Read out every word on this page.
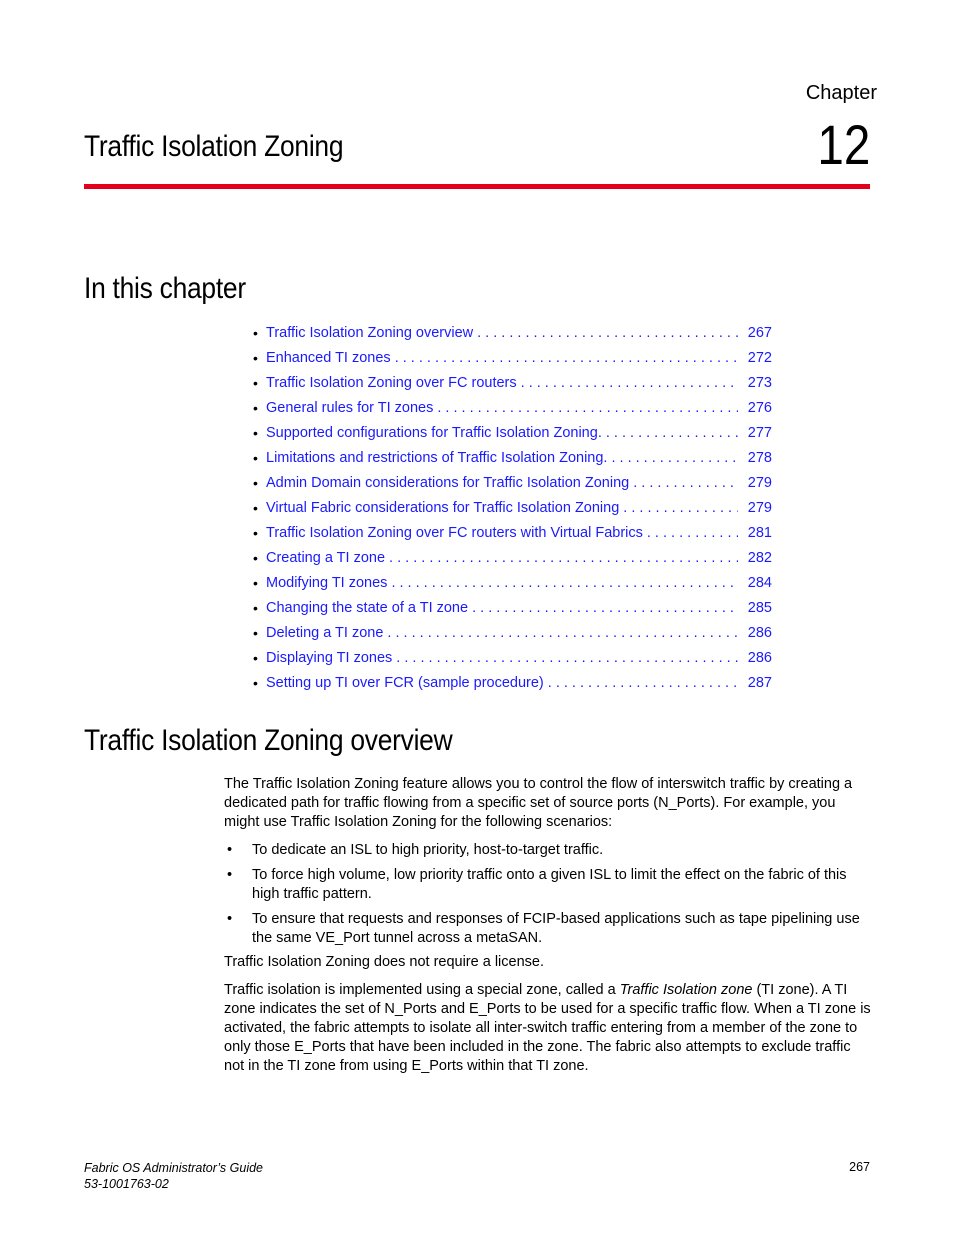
Chapter
Traffic Isolation Zoning	12
In this chapter
• Traffic Isolation Zoning overview . . .	267
• Enhanced TI zones . . .	272
• Traffic Isolation Zoning over FC routers . . .	273
• General rules for TI zones . . .	276
• Supported configurations for Traffic Isolation Zoning. . . .	277
• Limitations and restrictions of Traffic Isolation Zoning. . . .	278
• Admin Domain considerations for Traffic Isolation Zoning . . .	279
• Virtual Fabric considerations for Traffic Isolation Zoning . . .	279
• Traffic Isolation Zoning over FC routers with Virtual Fabrics . . .	281
• Creating a TI zone . . .	282
• Modifying TI zones . . .	284
• Changing the state of a TI zone . . .	285
• Deleting a TI zone . . .	286
• Displaying TI zones . . .	286
• Setting up TI over FCR (sample procedure) . . .	287
Traffic Isolation Zoning overview

The Traffic Isolation Zoning feature allows you to control the flow of interswitch traffic by creating a dedicated path for traffic flowing from a specific set of source ports (N_Ports). For example, you might use Traffic Isolation Zoning for the following scenarios:

• To dedicate an ISL to high priority, host-to-target traffic.
• To force high volume, low priority traffic onto a given ISL to limit the effect on the fabric of this high traffic pattern.
• To ensure that requests and responses of FCIP-based applications such as tape pipelining use the same VE_Port tunnel across a metaSAN.

Traffic Isolation Zoning does not require a license.

Traffic isolation is implemented using a special zone, called a Traffic Isolation zone (TI zone). A TI zone indicates the set of N_Ports and E_Ports to be used for a specific traffic flow. When a TI zone is activated, the fabric attempts to isolate all inter-switch traffic entering from a member of the zone to only those E_Ports that have been included in the zone. The fabric also attempts to exclude traffic not in the TI zone from using E_Ports within that TI zone.

Fabric OS Administrator’s Guide
53-1001763-02
267
